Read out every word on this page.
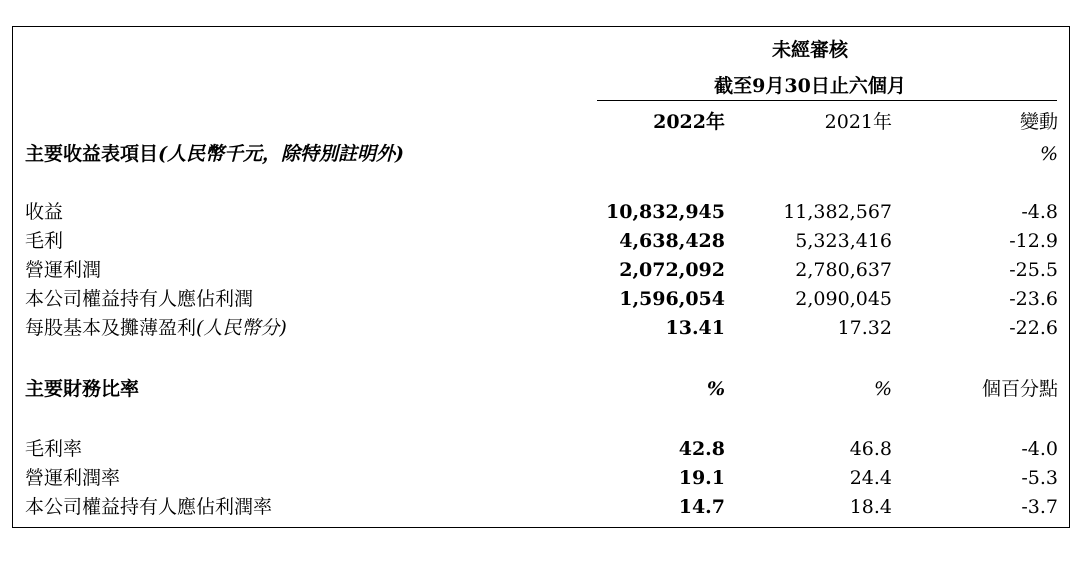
未經審核
截至9月30日止六個月
2022年	2021年	變動
%
主要收益表項目(人民幣千元，除特別註明外)
收益	10,832,945	11,382,567	-4.8
毛利	4,638,428	5,323,416	-12.9
營運利潤	2,072,092	2,780,637	-25.5
本公司權益持有人應佔利潤	1,596,054	2,090,045	-23.6
每股基本及攤薄盈利(人民幣分)	13.41	17.32	-22.6
主要財務比率	%	%	個百分點
毛利率	42.8	46.8	-4.0
營運利潤率	19.1	24.4	-5.3
本公司權益持有人應佔利潤率	14.7	18.4	-3.7
